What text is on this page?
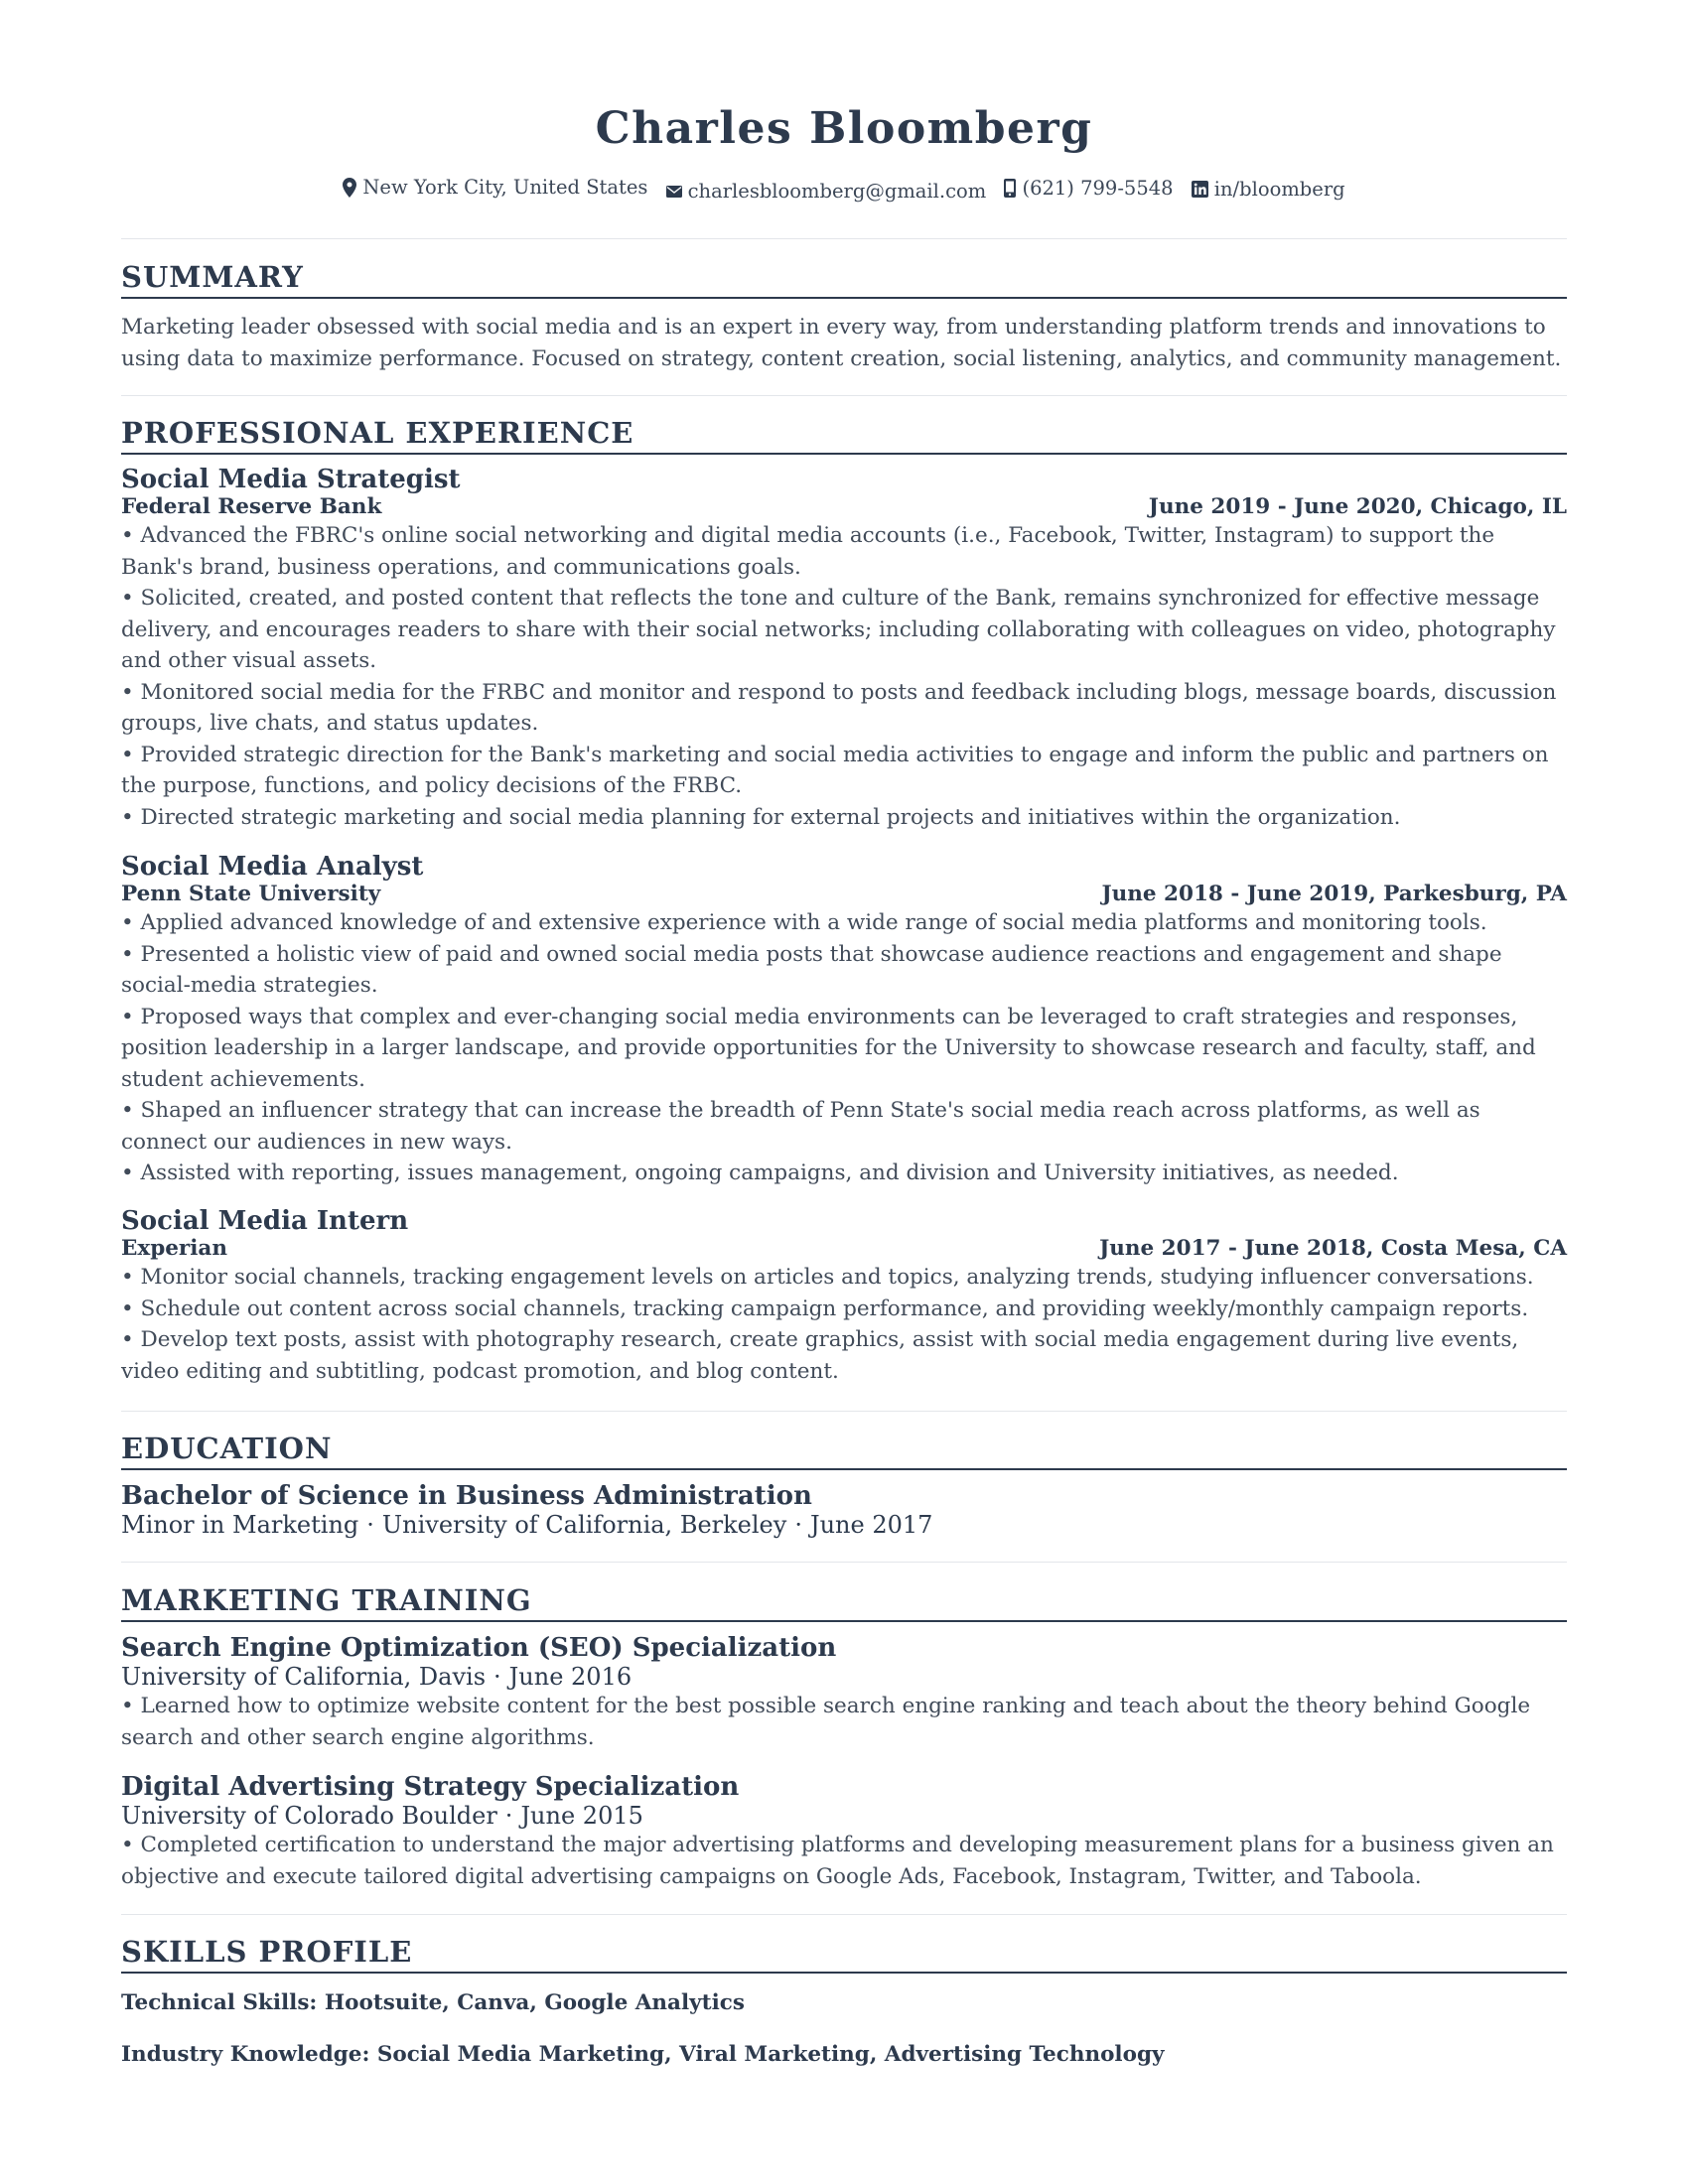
Charles Bloomberg
New York City, United States
charlesbloomberg@gmail.com
(621) 799-5548
in/bloomberg
SUMMARY

Marketing leader obsessed with social media and is an expert in every way, from understanding platform trends and innovations to using data to maximize performance. Focused on strategy, content creation, social listening, analytics, and community management.

PROFESSIONAL EXPERIENCE

Social Media Strategist

Federal Reserve Bank	June 2019 - June 2020, Chicago, IL

• Advanced the FBRC's online social networking and digital media accounts (i.e., Facebook, Twitter, Instagram) to support the Bank's brand, business operations, and communications goals.

• Solicited, created, and posted content that reflects the tone and culture of the Bank, remains synchronized for effective message delivery, and encourages readers to share with their social networks; including collaborating with colleagues on video, photography and other visual assets.

• Monitored social media for the FRBC and monitor and respond to posts and feedback including blogs, message boards, discussion groups, live chats, and status updates.

• Provided strategic direction for the Bank's marketing and social media activities to engage and inform the public and partners on the purpose, functions, and policy decisions of the FRBC.

• Directed strategic marketing and social media planning for external projects and initiatives within the organization.

Social Media Analyst

Penn State University	June 2018 - June 2019, Parkesburg, PA

• Applied advanced knowledge of and extensive experience with a wide range of social media platforms and monitoring tools.

• Presented a holistic view of paid and owned social media posts that showcase audience reactions and engagement and shape social-media strategies.

• Proposed ways that complex and ever-changing social media environments can be leveraged to craft strategies and responses, position leadership in a larger landscape, and provide opportunities for the University to showcase research and faculty, staff, and student achievements.

• Shaped an influencer strategy that can increase the breadth of Penn State's social media reach across platforms, as well as connect our audiences in new ways.

• Assisted with reporting, issues management, ongoing campaigns, and division and University initiatives, as needed.

Social Media Intern

Experian	June 2017 - June 2018, Costa Mesa, CA

• Monitor social channels, tracking engagement levels on articles and topics, analyzing trends, studying influencer conversations.

• Schedule out content across social channels, tracking campaign performance, and providing weekly/monthly campaign reports.

• Develop text posts, assist with photography research, create graphics, assist with social media engagement during live events, video editing and subtitling, podcast promotion, and blog content.

EDUCATION

Bachelor of Science in Business Administration

Minor in Marketing · University of California, Berkeley · June 2017
MARKETING TRAINING

Search Engine Optimization (SEO) Specialization

University of California, Davis · June 2016

• Learned how to optimize website content for the best possible search engine ranking and teach about the theory behind Google search and other search engine algorithms.

Digital Advertising Strategy Specialization

University of Colorado Boulder · June 2015

• Completed certification to understand the major advertising platforms and developing measurement plans for a business given an objective and execute tailored digital advertising campaigns on Google Ads, Facebook, Instagram, Twitter, and Taboola.

SKILLS PROFILE

Technical Skills: Hootsuite, Canva, Google Analytics

Industry Knowledge: Social Media Marketing, Viral Marketing, Advertising Technology
